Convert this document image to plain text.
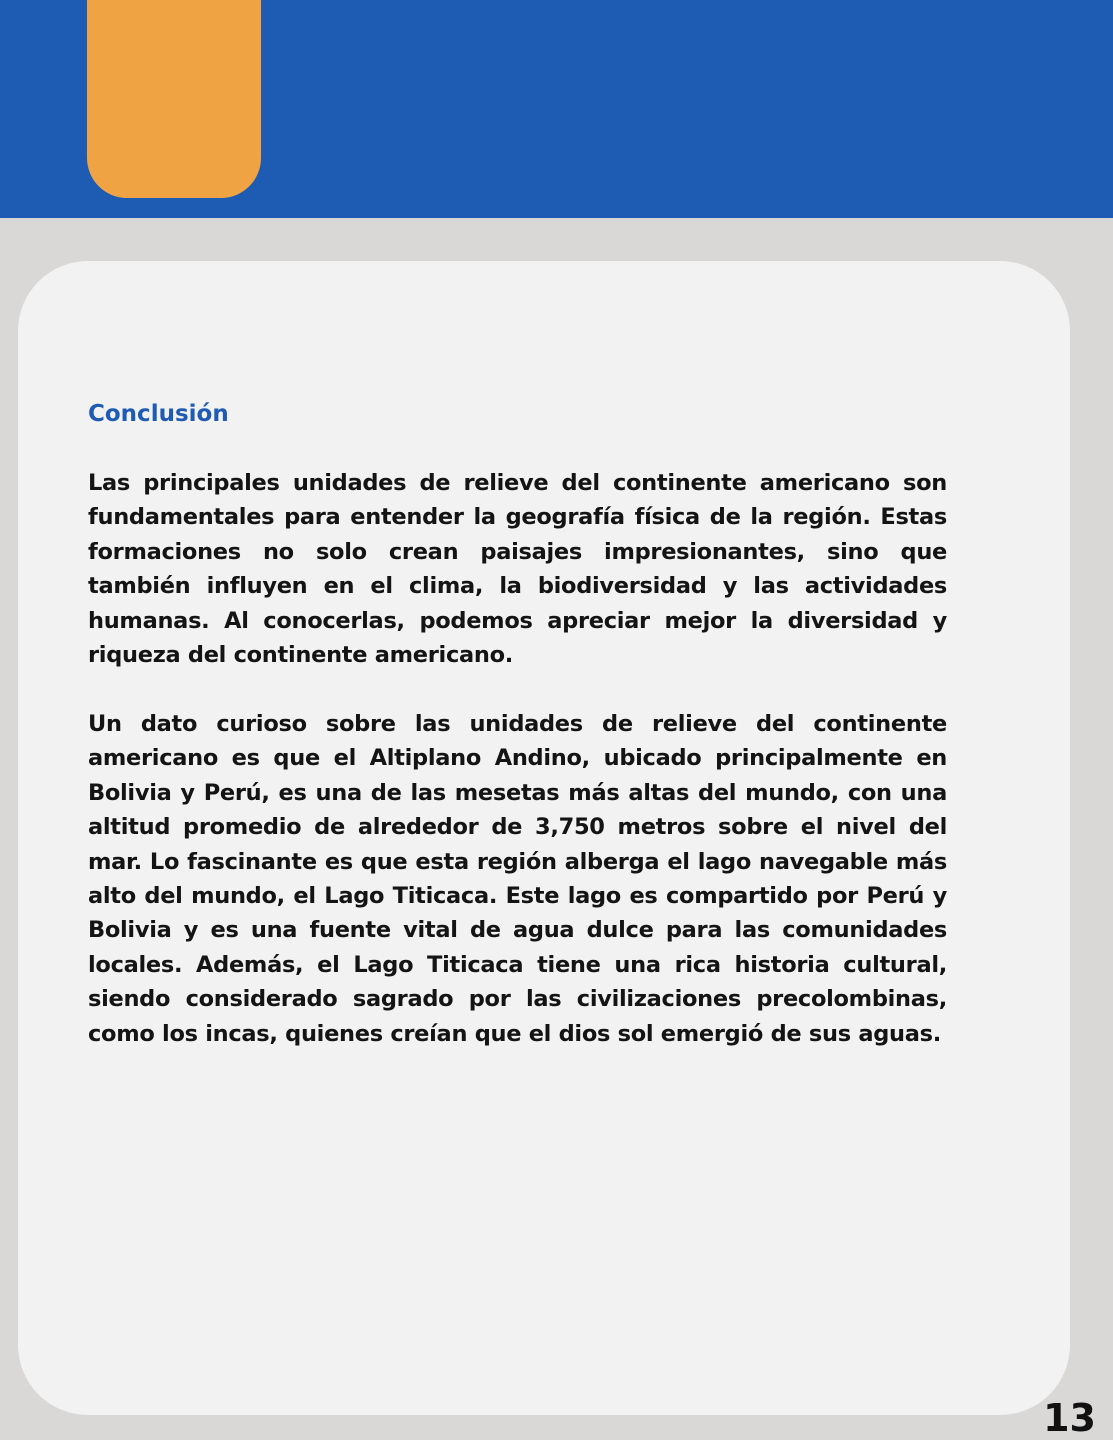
Conclusión

Las principales unidades de relieve del continente americano son fundamentales para entender la geografía física de la región. Estas formaciones no solo crean paisajes impresionantes, sino que también influyen en el clima, la biodiversidad y las actividades humanas. Al conocerlas, podemos apreciar mejor la diversidad y riqueza del continente americano.

Un dato curioso sobre las unidades de relieve del continente americano es que el Altiplano Andino, ubicado principalmente en Bolivia y Perú, es una de las mesetas más altas del mundo, con una altitud promedio de alrededor de 3,750 metros sobre el nivel del mar. Lo fascinante es que esta región alberga el lago navegable más alto del mundo, el Lago Titicaca. Este lago es compartido por Perú y Bolivia y es una fuente vital de agua dulce para las comunidades locales. Además, el Lago Titicaca tiene una rica historia cultural, siendo considerado sagrado por las civilizaciones precolombinas, como los incas, quienes creían que el dios sol emergió de sus aguas.

13
